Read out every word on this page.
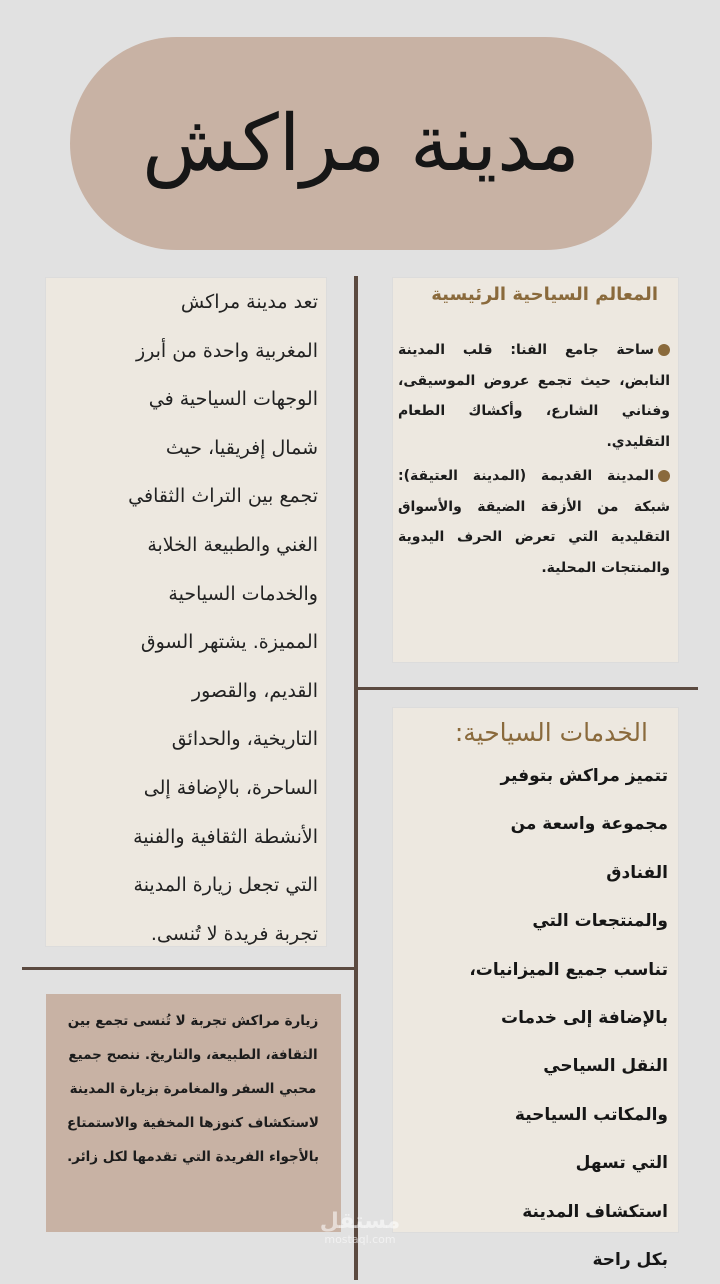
مدينة مراكش
تعد مدينة مراكش
المغربية واحدة من أبرز
الوجهات السياحية في
شمال إفريقيا، حيث
تجمع بين التراث الثقافي
الغني والطبيعة الخلابة
والخدمات السياحية
المميزة. يشتهر السوق
القديم، والقصور
التاريخية، والحدائق
الساحرة، بالإضافة إلى
الأنشطة الثقافية والفنية
التي تجعل زيارة المدينة
تجربة فريدة لا تُنسى.
المعالم السياحية الرئيسية

ساحة جامع الفنا: قلب المدينة النابض، حيث تجمع عروض الموسيقى، وفناني الشارع، وأكشاك الطعام التقليدي.

المدينة القديمة (المدينة العتيقة): شبكة من الأزقة الضيقة والأسواق التقليدية التي تعرض الحرف اليدوية والمنتجات المحلية.

الخدمات السياحية:
تتميز مراكش بتوفير
مجموعة واسعة من
الفنادق
والمنتجعات التي
تناسب جميع الميزانيات،
بالإضافة إلى خدمات
النقل السياحي
والمكاتب السياحية
التي تسهل
استكشاف المدينة
بكل راحة
زيارة مراكش تجربة لا تُنسى تجمع بين الثقافة، الطبيعة، والتاريخ. ننصح جميع محبي السفر والمغامرة بزيارة المدينة لاستكشاف كنوزها المخفية والاستمتاع بالأجواء الفريدة التي تقدمها لكل زائر.
مستقل
mostaql.com
